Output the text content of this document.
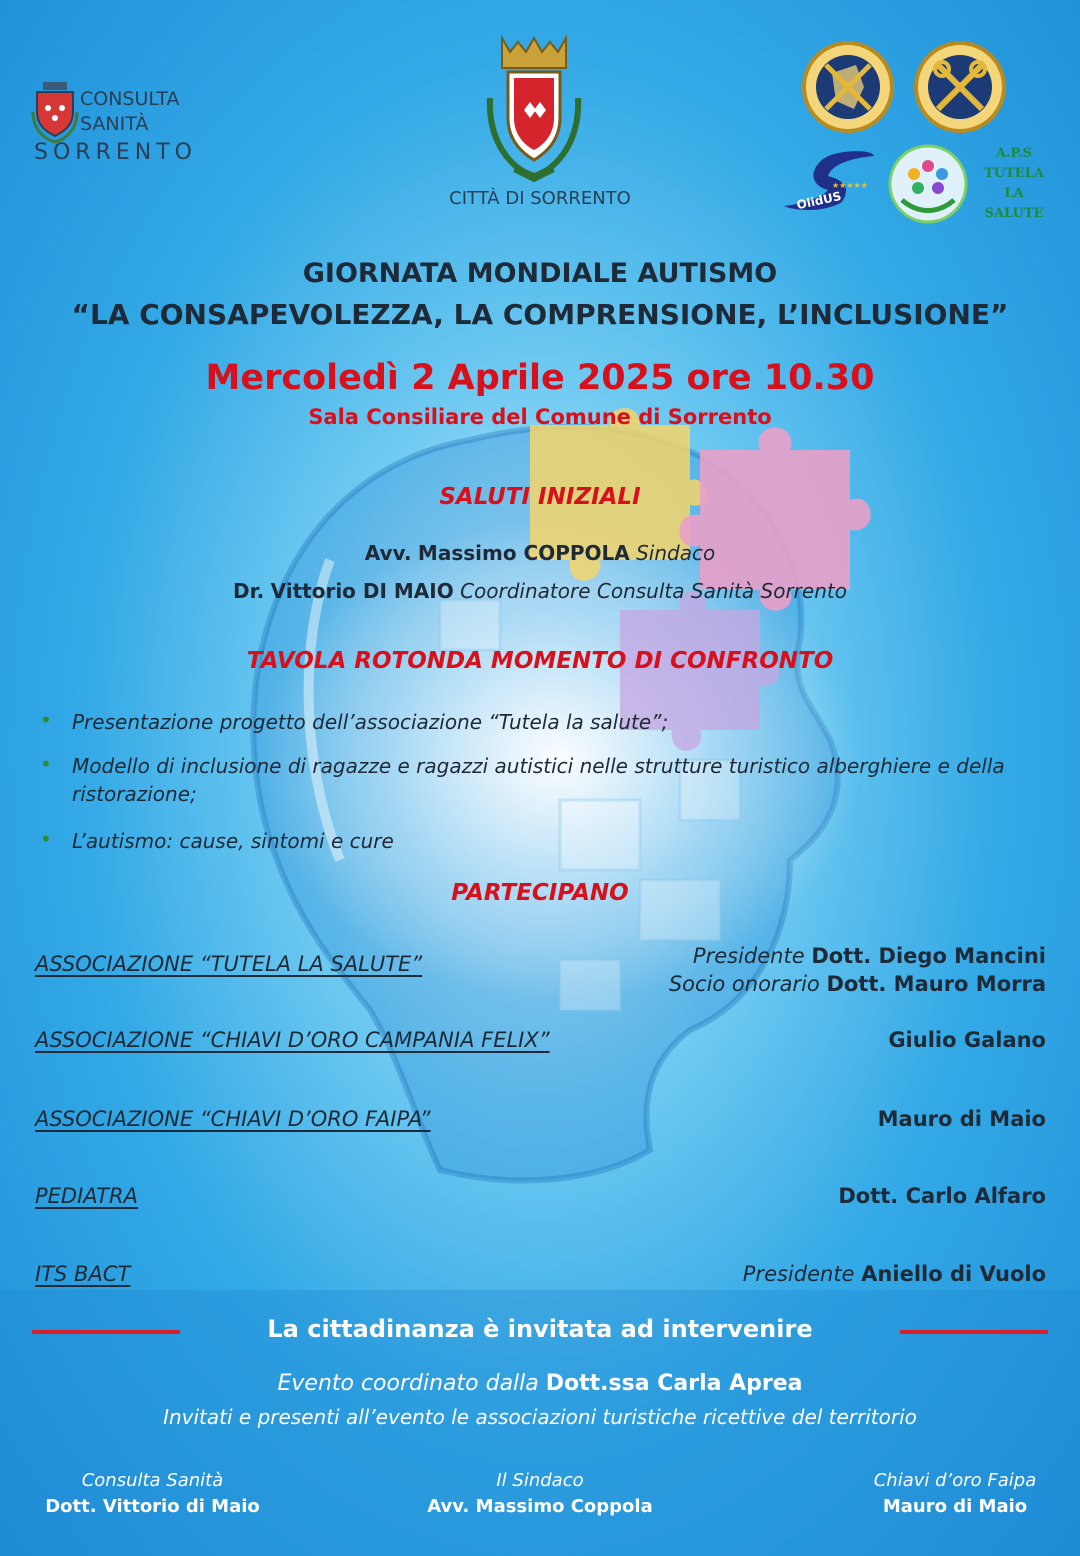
OlidUS
★★★★★
CONSULTA
SANITÀ
SORRENTO
CITTÀ DI SORRENTO
A.P.S
TUTELA
LA
SALUTE
GIORNATA MONDIALE AUTISMO
“LA CONSAPEVOLEZZA, LA COMPRENSIONE, L’INCLUSIONE”
Mercoledì 2 Aprile 2025 ore 10.30
Sala Consiliare del Comune di Sorrento
SALUTI INIZIALI
Avv. Massimo COPPOLA Sindaco
Dr. Vittorio DI MAIO Coordinatore Consulta Sanità Sorrento
TAVOLA ROTONDA MOMENTO DI CONFRONTO
• Presentazione progetto dell’associazione “Tutela la salute”;
• Modello di inclusione di ragazze e ragazzi autistici nelle strutture turistico alberghiere e della ristorazione;
• L’autismo: cause, sintomi e cure
PARTECIPANO
ASSOCIAZIONE “TUTELA LA SALUTE”	Presidente Dott. Diego Mancini
Socio onorario Dott. Mauro Morra
ASSOCIAZIONE “CHIAVI D’ORO CAMPANIA FELIX”	Giulio Galano
ASSOCIAZIONE “CHIAVI D’ORO FAIPA”	Mauro di Maio
PEDIATRA	Dott. Carlo Alfaro
ITS BACT	Presidente Aniello di Vuolo
La cittadinanza è invitata ad intervenire
Evento coordinato dalla Dott.ssa Carla Aprea
Invitati e presenti all’evento le associazioni turistiche ricettive del territorio
Consulta Sanità
Dott. Vittorio di Maio
Il Sindaco
Avv. Massimo Coppola
Chiavi d’oro Faipa
Mauro di Maio
